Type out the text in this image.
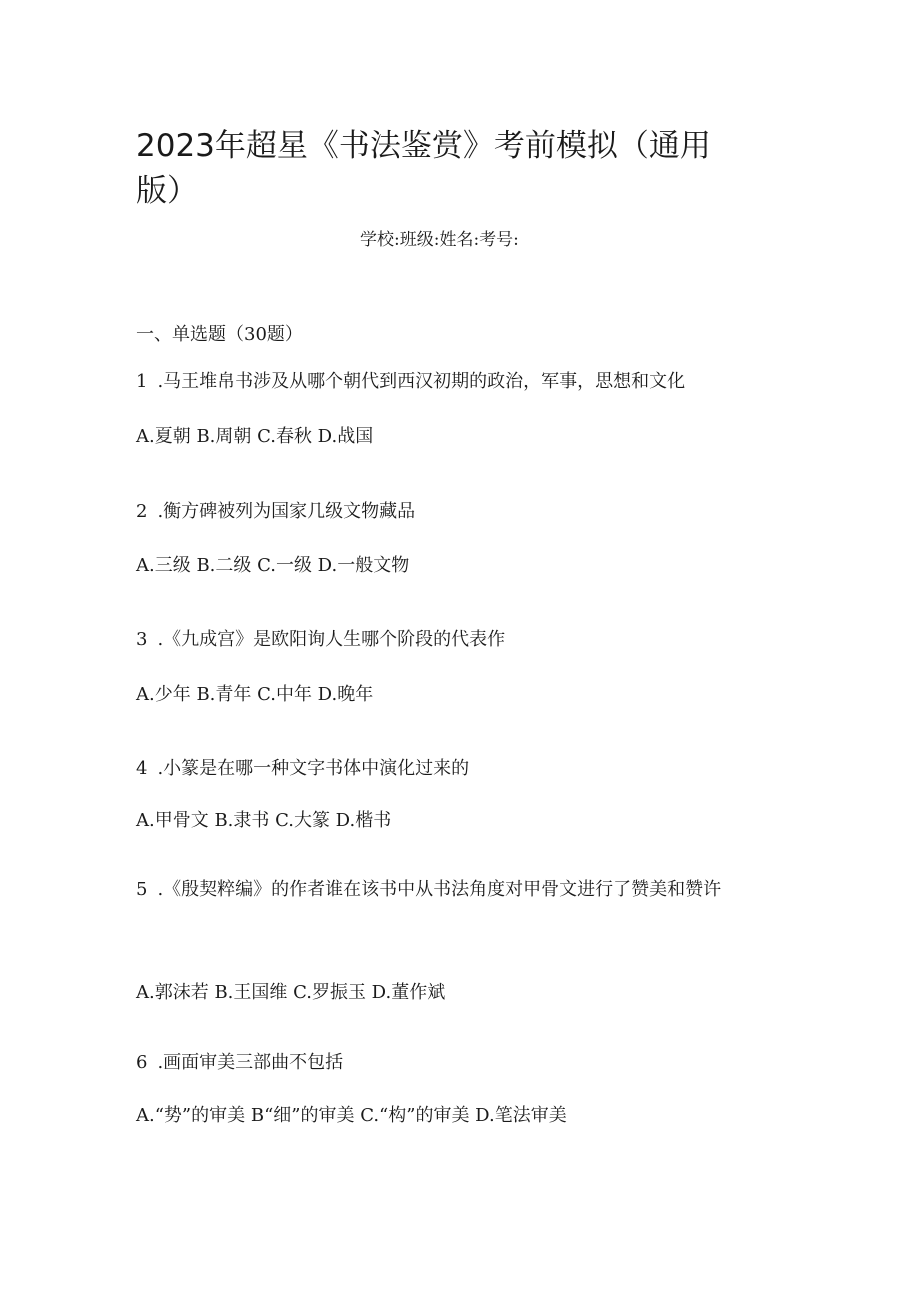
2023年超星《书法鉴赏》考前模拟（通用版）
学校:班级:姓名:考号:
一、单选题（30题）

1 .马王堆帛书涉及从哪个朝代到西汉初期的政治，军事，思想和文化

A.夏朝 B.周朝 C.春秋 D.战国

2 .衡方碑被列为国家几级文物藏品

A.三级 B.二级 C.一级 D.一般文物

3 .《九成宫》是欧阳询人生哪个阶段的代表作

A.少年 B.青年 C.中年 D.晚年

4 .小篆是在哪一种文字书体中演化过来的

A.甲骨文 B.隶书 C.大篆 D.楷书

5 .《殷契粹编》的作者谁在该书中从书法角度对甲骨文进行了赞美和赞许

A.郭沫若 B.王国维 C.罗振玉 D.董作斌

6 .画面审美三部曲不包括

A.“势”的审美 B“细”的审美 C.“构”的审美 D.笔法审美
